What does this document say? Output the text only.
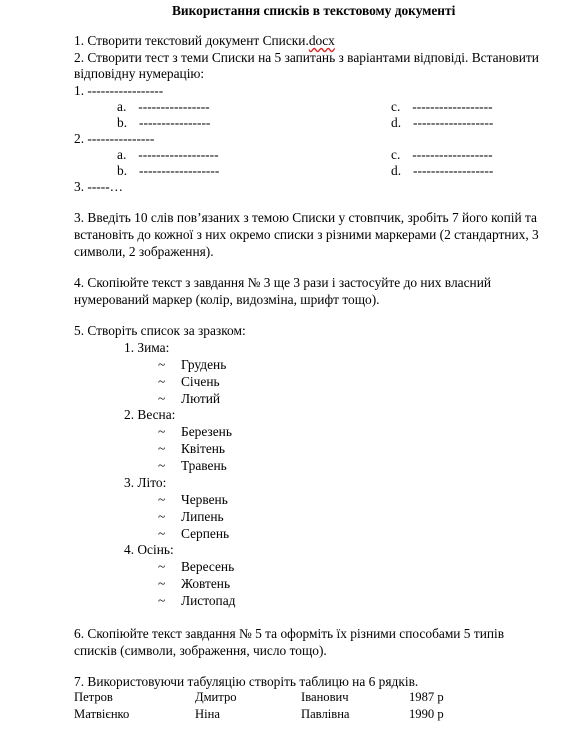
Використання списків в текстовому документі
1. Створити текстовий документ Списки.docx
2. Створити тест з теми Списки на 5 запитань з варіантами відповіді. Встановити
відповідну нумерацію:
1. -----------------
a. ----------------	c. ------------------
b. ----------------	d. ------------------
2. ---------------
a. ------------------	c. ------------------
b. ------------------	d. ------------------
3. -----…
3. Введіть 10 слів пов’язаних з темою Списки у стовпчик, зробіть 7 його копій та
встановіть до кожної з них окремо списки з різними маркерами (2 стандартних, 3
символи, 2 зображення).
4. Скопіюйте текст з завдання № 3 ще 3 рази і застосуйте до них власний
нумерований маркер (колір, видозміна, шрифт тощо).
5. Створіть список за зразком:
1. Зима:
~ Грудень
~ Січень
~ Лютий
2. Весна:
~ Березень
~ Квітень
~ Травень
3. Літо:
~ Червень
~ Липень
~ Серпень
4. Осінь:
~ Вересень
~ Жовтень
~ Листопад
6. Скопіюйте текст завдання № 5 та оформіть їх різними способами 5 типів
списків (символи, зображення, число тощо).
7. Використовуючи табуляцію створіть таблицю на 6 рядків.
Петров	Дмитро	Іванович	1987 р
Матвієнко	Ніна	Павлівна	1990 р
